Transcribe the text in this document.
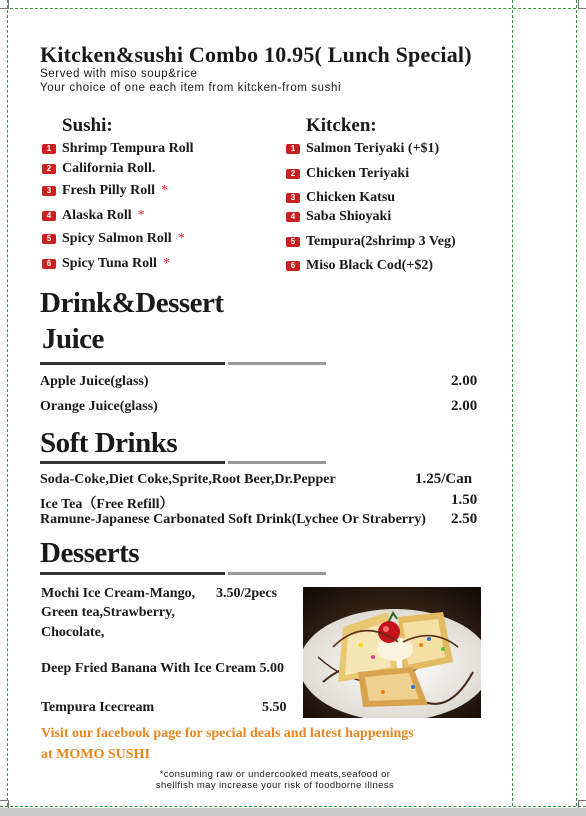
Kitcken&sushi Combo 10.95( Lunch Special)
Served with miso soup&rice
Your choice of one each item from kitcken-from sushi
Sushi:
1 Shrimp Tempura Roll
2 California Roll.
3 Fresh Pilly Roll *
4 Alaska Roll *
5 Spicy Salmon Roll *
6 Spicy Tuna Roll *
Kitcken:
1 Salmon Teriyaki (+$1)
2 Chicken Teriyaki
3 Chicken Katsu
4 Saba Shioyaki
5 Tempura(2shrimp 3 Veg)
6 Miso Black Cod(+$2)
Drink&Dessert
Juice
Apple Juice(glass)	2.00
Orange Juice(glass)	2.00
Soft Drinks
Soda-Coke,Diet Coke,Sprite,Root Beer,Dr.Pepper	1.25/Can
Ice Tea（Free Refill）	1.50
Ramune-Japanese Carbonated Soft Drink(Lychee Or Straberry) 2.50
Desserts
Mochi Ice Cream-Mango, 3.50/2pecs
Green tea,Strawberry,
Chocolate,
Deep Fried Banana With Ice Cream 5.00
Tempura Icecream	5.50
Visit our facebook page for special deals and latest happenings
at MOMO SUSHI
*consuming raw or undercooked meats,seafood or
shellfish may increase your risk of foodborne illness
